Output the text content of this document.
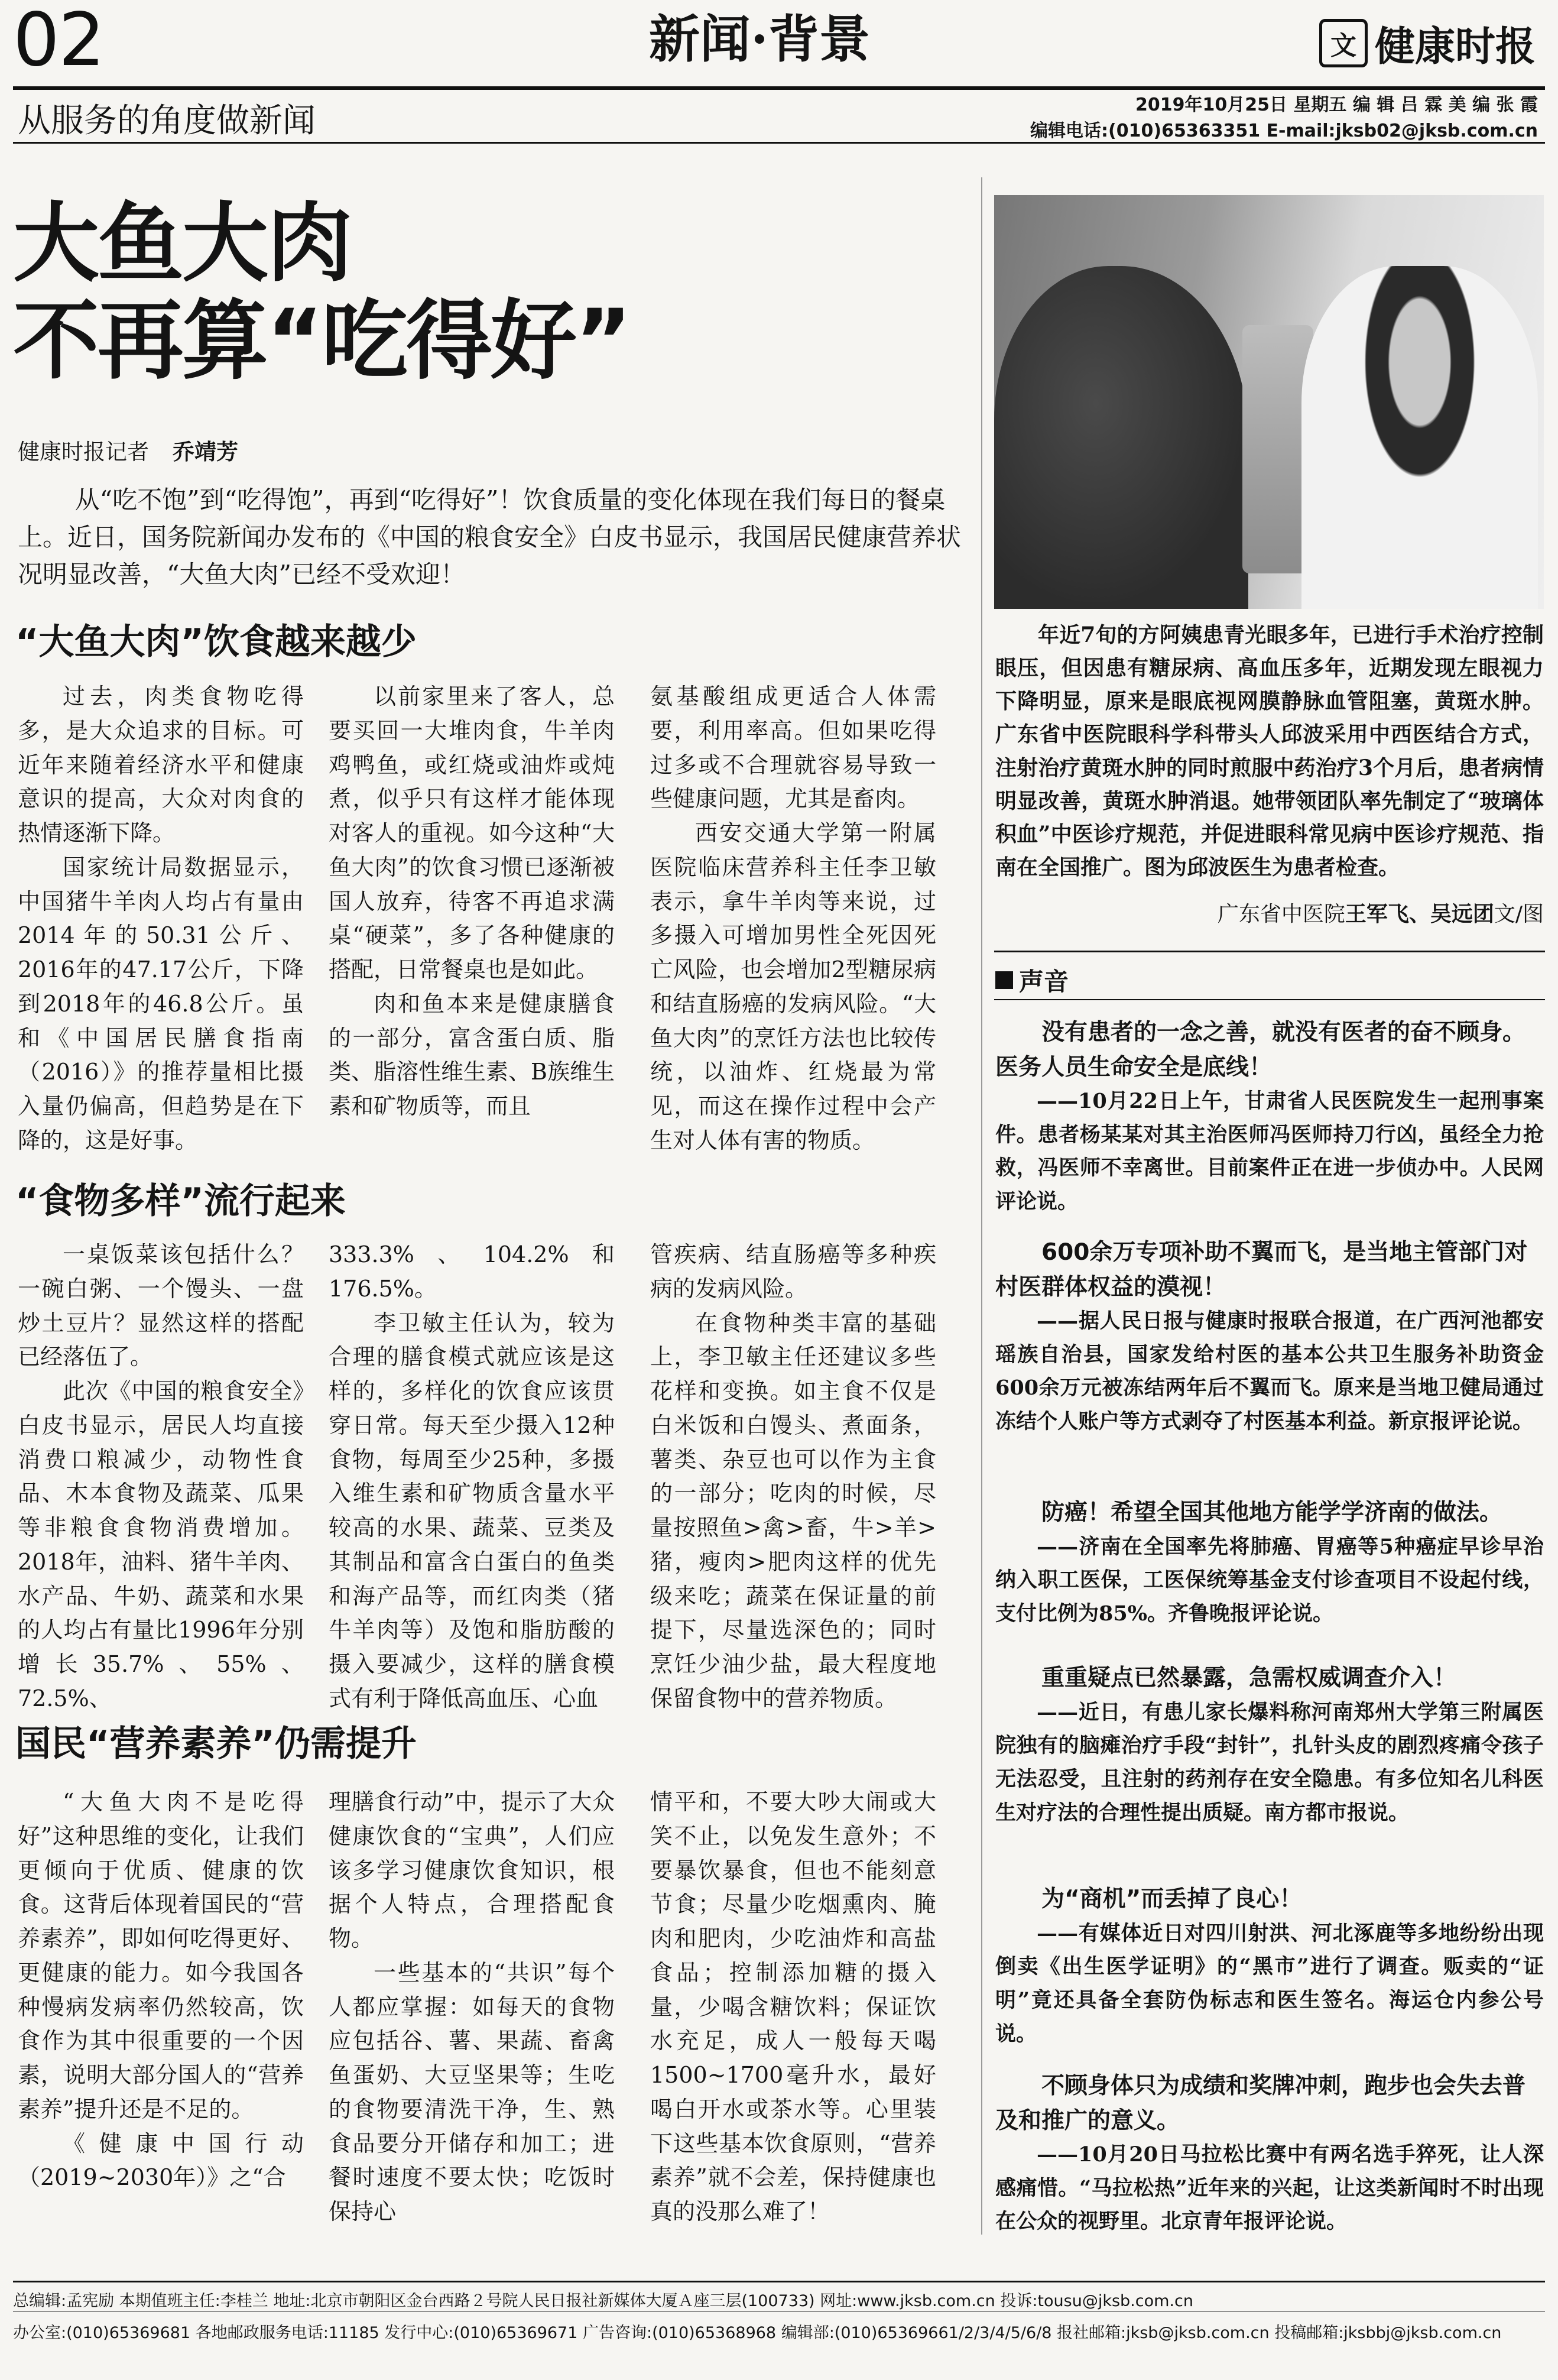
02	新闻·背景	文 健康时报
从服务的角度做新闻	2019年10月25日 星期五 编 辑 吕 霖 美 编 张 霞
编辑电话:(010)65363351 E-mail:jksb02@jksb.com.cn
大鱼大肉
不再算“吃得好”
健康时报记者 乔靖芳
从“吃不饱”到“吃得饱”，再到“吃得好”！饮食质量的变化体现在我们每日的餐桌上。近日，国务院新闻办发布的《中国的粮食安全》白皮书显示，我国居民健康营养状况明显改善，“大鱼大肉”已经不受欢迎！
“大鱼大肉”饮食越来越少

过去，肉类食物吃得多，是大众追求的目标。可近年来随着经济水平和健康意识的提高，大众对肉食的热情逐渐下降。

国家统计局数据显示，中国猪牛羊肉人均占有量由2014年的50.31公斤、2016年的47.17公斤，下降到2018年的46.8公斤。虽和《中国居民膳食指南（2016）》的推荐量相比摄入量仍偏高，但趋势是在下降的，这是好事。

以前家里来了客人，总要买回一大堆肉食，牛羊肉鸡鸭鱼，或红烧或油炸或炖煮，似乎只有这样才能体现对客人的重视。如今这种“大鱼大肉”的饮食习惯已逐渐被国人放弃，待客不再追求满桌“硬菜”，多了各种健康的搭配，日常餐桌也是如此。

肉和鱼本来是健康膳食的一部分，富含蛋白质、脂类、脂溶性维生素、B族维生素和矿物质等，而且

氨基酸组成更适合人体需要，利用率高。但如果吃得过多或不合理就容易导致一些健康问题，尤其是畜肉。

西安交通大学第一附属医院临床营养科主任李卫敏表示，拿牛羊肉等来说，过多摄入可增加男性全死因死亡风险，也会增加2型糖尿病和结直肠癌的发病风险。“大鱼大肉”的烹饪方法也比较传统，以油炸、红烧最为常见，而这在操作过程中会产生对人体有害的物质。

“食物多样”流行起来

一桌饭菜该包括什么？一碗白粥、一个馒头、一盘炒土豆片？显然这样的搭配已经落伍了。

此次《中国的粮食安全》白皮书显示，居民人均直接消费口粮减少，动物性食品、木本食物及蔬菜、瓜果等非粮食食物消费增加。2018年，油料、猪牛羊肉、水产品、牛奶、蔬菜和水果的人均占有量比1996年分别增长35.7%、55%、72.5%、

333.3%、104.2%和176.5%。

李卫敏主任认为，较为合理的膳食模式就应该是这样的，多样化的饮食应该贯穿日常。每天至少摄入12种食物，每周至少25种，多摄入维生素和矿物质含量水平较高的水果、蔬菜、豆类及其制品和富含白蛋白的鱼类和海产品等，而红肉类（猪牛羊肉等）及饱和脂肪酸的摄入要减少，这样的膳食模式有利于降低高血压、心血

管疾病、结直肠癌等多种疾病的发病风险。

在食物种类丰富的基础上，李卫敏主任还建议多些花样和变换。如主食不仅是白米饭和白馒头、煮面条，薯类、杂豆也可以作为主食的一部分；吃肉的时候，尽量按照鱼>禽>畜，牛>羊>猪，瘦肉>肥肉这样的优先级来吃；蔬菜在保证量的前提下，尽量选深色的；同时烹饪少油少盐，最大程度地保留食物中的营养物质。

国民“营养素养”仍需提升

“大鱼大肉不是吃得好”这种思维的变化，让我们更倾向于优质、健康的饮食。这背后体现着国民的“营养素养”，即如何吃得更好、更健康的能力。如今我国各种慢病发病率仍然较高，饮食作为其中很重要的一个因素，说明大部分国人的“营养素养”提升还是不足的。

《健康中国行动（2019~2030年）》之“合

理膳食行动”中，提示了大众健康饮食的“宝典”，人们应该多学习健康饮食知识，根据个人特点，合理搭配食物。

一些基本的“共识”每个人都应掌握：如每天的食物应包括谷、薯、果蔬、畜禽鱼蛋奶、大豆坚果等；生吃的食物要清洗干净，生、熟食品要分开储存和加工；进餐时速度不要太快；吃饭时保持心

情平和，不要大吵大闹或大笑不止，以免发生意外；不要暴饮暴食，但也不能刻意节食；尽量少吃烟熏肉、腌肉和肥肉，少吃油炸和高盐食品；控制添加糖的摄入量，少喝含糖饮料；保证饮水充足，成人一般每天喝1500~1700毫升水，最好喝白开水或茶水等。心里装下这些基本饮食原则，“营养素养”就不会差，保持健康也真的没那么难了！

年近7旬的方阿姨患青光眼多年，已进行手术治疗控制眼压，但因患有糖尿病、高血压多年，近期发现左眼视力下降明显，原来是眼底视网膜静脉血管阻塞，黄斑水肿。广东省中医院眼科学科带头人邱波采用中西医结合方式，注射治疗黄斑水肿的同时煎服中药治疗3个月后，患者病情明显改善，黄斑水肿消退。她带领团队率先制定了“玻璃体积血”中医诊疗规范，并促进眼科常见病中医诊疗规范、指南在全国推广。图为邱波医生为患者检查。
广东省中医院王军飞、吴远团文/图
声音
没有患者的一念之善，就没有医者的奋不顾身。医务人员生命安全是底线！
——10月22日上午，甘肃省人民医院发生一起刑事案件。患者杨某某对其主治医师冯医师持刀行凶，虽经全力抢救，冯医师不幸离世。目前案件正在进一步侦办中。人民网评论说。
600余万专项补助不翼而飞，是当地主管部门对村医群体权益的漠视！
——据人民日报与健康时报联合报道，在广西河池都安瑶族自治县，国家发给村医的基本公共卫生服务补助资金600余万元被冻结两年后不翼而飞。原来是当地卫健局通过冻结个人账户等方式剥夺了村医基本利益。新京报评论说。
防癌！希望全国其他地方能学学济南的做法。
——济南在全国率先将肺癌、胃癌等5种癌症早诊早治纳入职工医保，工医保统筹基金支付诊查项目不设起付线，支付比例为85%。齐鲁晚报评论说。
重重疑点已然暴露，急需权威调查介入！
——近日，有患儿家长爆料称河南郑州大学第三附属医院独有的脑瘫治疗手段“封针”，扎针头皮的剧烈疼痛令孩子无法忍受，且注射的药剂存在安全隐患。有多位知名儿科医生对疗法的合理性提出质疑。南方都市报说。
为“商机”而丢掉了良心！
——有媒体近日对四川射洪、河北涿鹿等多地纷纷出现倒卖《出生医学证明》的“黑市”进行了调查。贩卖的“证明”竟还具备全套防伪标志和医生签名。海运仓内参公号说。
不顾身体只为成绩和奖牌冲刺，跑步也会失去普及和推广的意义。
——10月20日马拉松比赛中有两名选手猝死，让人深感痛惜。“马拉松热”近年来的兴起，让这类新闻时不时出现在公众的视野里。北京青年报评论说。
总编辑:孟宪励 本期值班主任:李桂兰 地址:北京市朝阳区金台西路２号院人民日报社新媒体大厦Ａ座三层(100733) 网址:www.jksb.com.cn 投诉:tousu@jksb.com.cn
办公室:(010)65369681 各地邮政服务电话:11185 发行中心:(010)65369671 广告咨询:(010)65368968 编辑部:(010)65369661/2/3/4/5/6/8 报社邮箱:jksb@jksb.com.cn 投稿邮箱:jksbbj@jksb.com.cn
